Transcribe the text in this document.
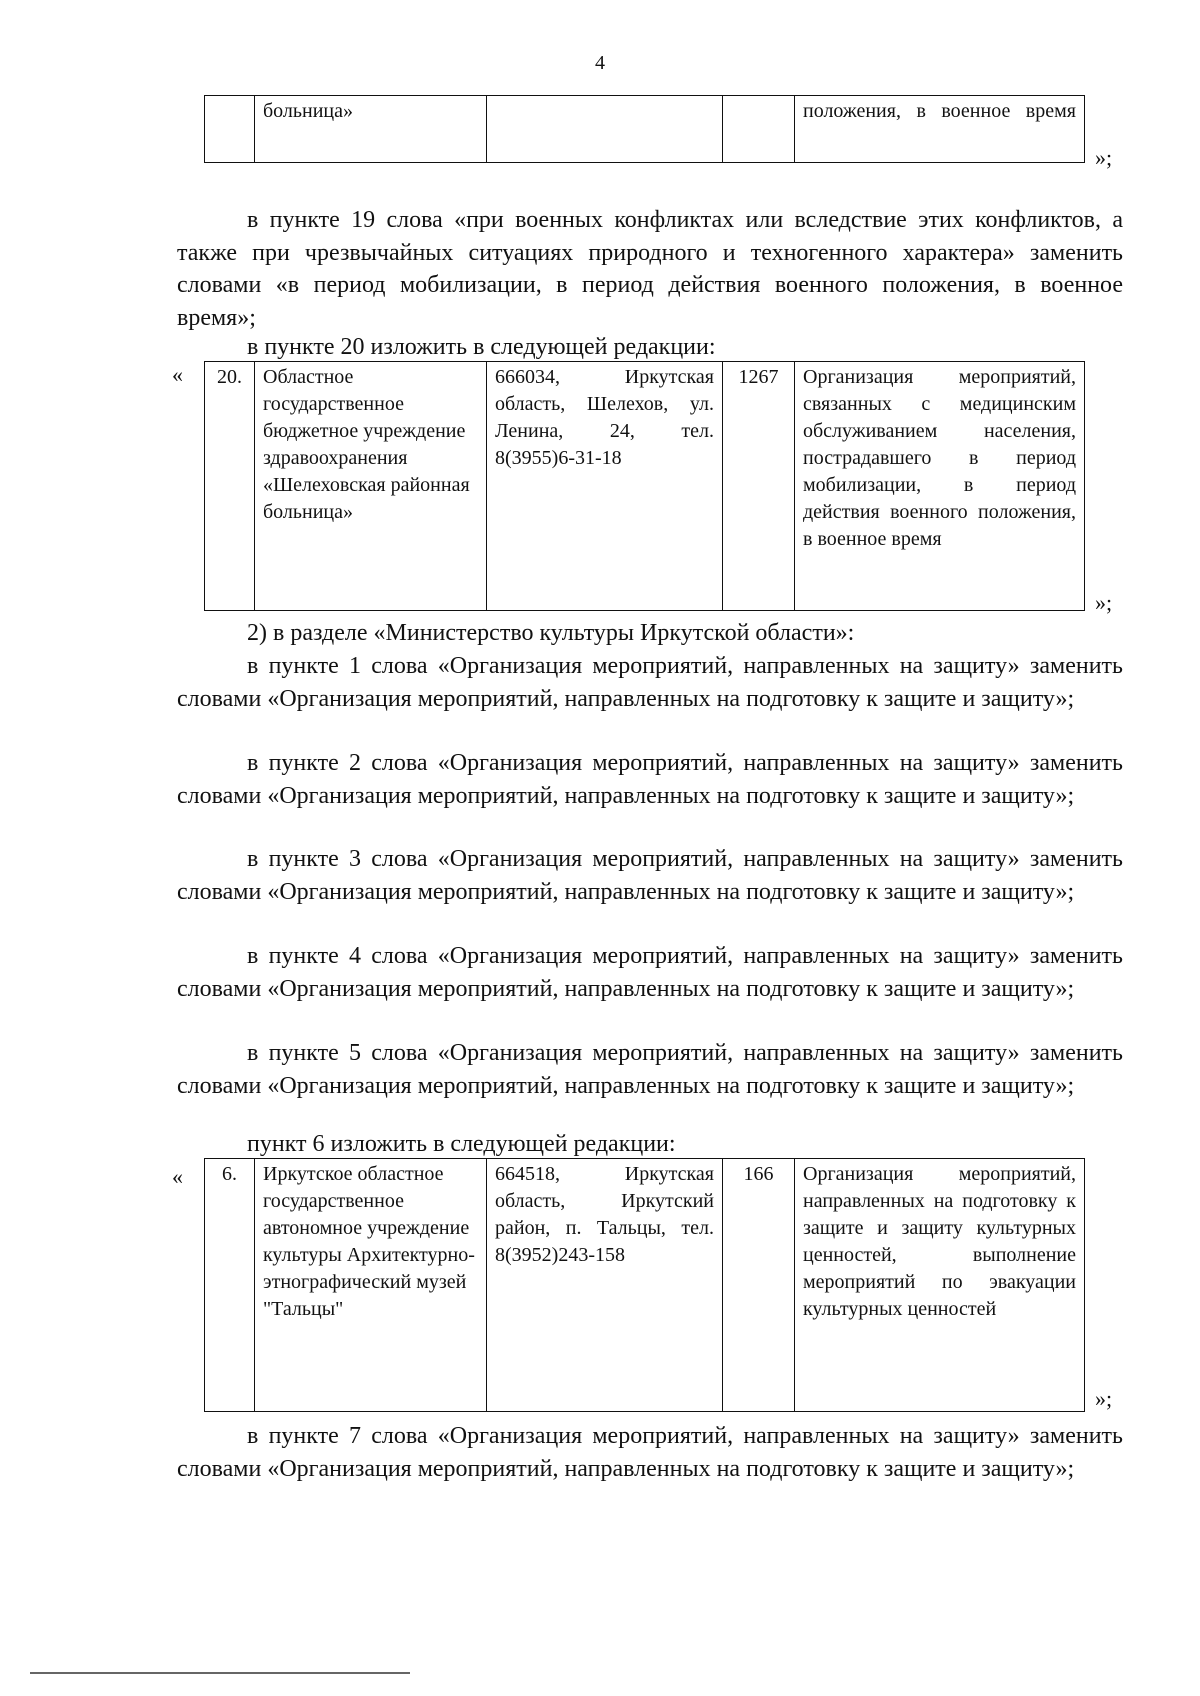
4
	больница»			положения, в военное время
»;

в пункте 19 слова «при военных конфликтах или вследствие этих конфликтов, а также при чрезвычайных ситуациях природного и техногенного характера» заменить словами «в период мобилизации, в период действия военного положения, в военное время»;

в пункте 20 изложить в следующей редакции:

« 20.	Областное государственное бюджетное учреждение здравоохранения «Шелеховская районная больница»	666034, Иркутская область, Шелехов, ул. Ленина, 24, тел. 8(3955)6-31-18	1267	Организация мероприятий, связанных с медицинским обслуживанием населения, пострадавшего в период мобилизации, в период действия военного положения, в военное время
»;

2) в разделе «Министерство культуры Иркутской области»:

в пункте 1 слова «Организация мероприятий, направленных на защиту» заменить словами «Организация мероприятий, направленных на подготовку к защите и защиту»;

в пункте 2 слова «Организация мероприятий, направленных на защиту» заменить словами «Организация мероприятий, направленных на подготовку к защите и защиту»;

в пункте 3 слова «Организация мероприятий, направленных на защиту» заменить словами «Организация мероприятий, направленных на подготовку к защите и защиту»;

в пункте 4 слова «Организация мероприятий, направленных на защиту» заменить словами «Организация мероприятий, направленных на подготовку к защите и защиту»;

в пункте 5 слова «Организация мероприятий, направленных на защиту» заменить словами «Организация мероприятий, направленных на подготовку к защите и защиту»;

пункт 6 изложить в следующей редакции:

« 6.	Иркутское областное государственное автономное учреждение культуры Архитектурно-этнографический музей "Тальцы"	664518, Иркутская область, Иркутский район, п. Тальцы, тел. 8(3952)243-158	166	Организация мероприятий, направленных на подготовку к защите и защиту культурных ценностей, выполнение мероприятий по эвакуации культурных ценностей
»;

в пункте 7 слова «Организация мероприятий, направленных на защиту» заменить словами «Организация мероприятий, направленных на подготовку к защите и защиту»;
